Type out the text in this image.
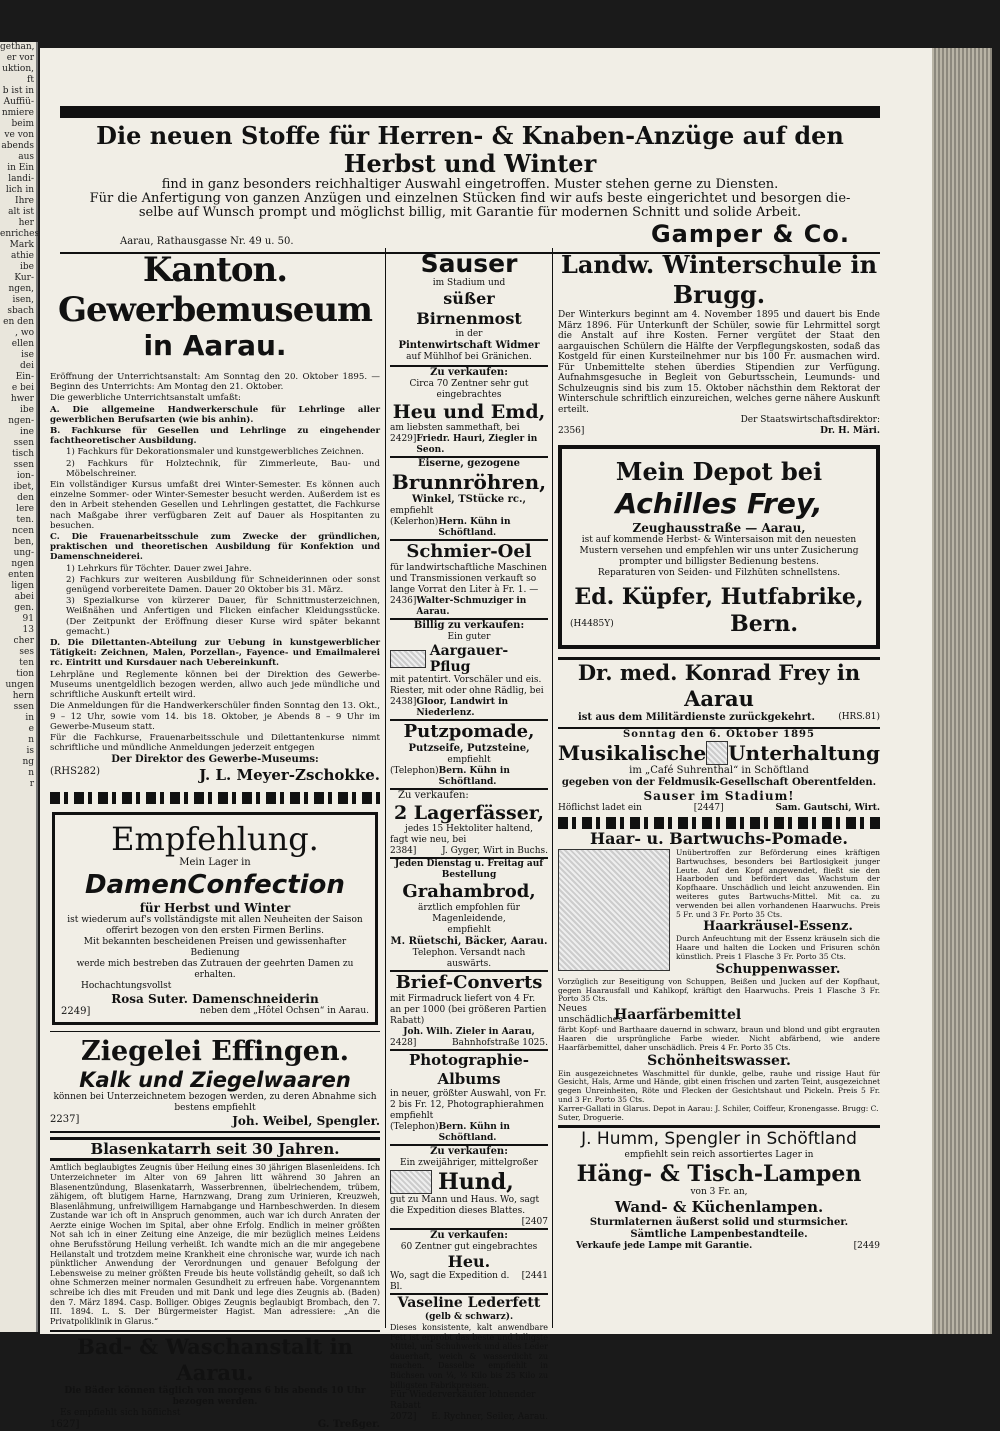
gethan,
er vor
uktion,
ft
b ist in
Auffiü-
nmiere
beim
ve von
abends
aus
in Ein
landi-
lich in
Ihre
alt ist
her
enriches
Mark
athie
ibe
Kur-
ngen,
isen,
sbach
en den
, wo
ellen
ise
dei
Ein-
e bei
hwer
ibe
ngen-
ine
ssen
tisch
ssen
ion-
ibet,
den
lere
ten.
ncen
ben,
ung-
ngen
enten
ligen
abei
gen.
91
13
cher
ses
ten
tion
ungen
hern
ssen
in
e
n
is
ng
n
r
Die neuen Stoffe für Herren- & Knaben-Anzüge auf den Herbst und Winter
find in ganz besonders reichhaltiger Auswahl eingetroffen. Muster stehen gerne zu Diensten.
Für die Anfertigung von ganzen Anzügen und einzelnen Stücken find wir aufs beste eingerichtet und besorgen die-
selbe auf Wunsch prompt und möglichst billig, mit Garantie für modernen Schnitt und solide Arbeit.
Aarau, Rathausgasse Nr. 49 u. 50.	Gamper & Co.
Kanton. Gewerbemuseum
in Aarau.
Eröffnung der Unterrichtsanstalt: Am Sonntag den 20. Oktober 1895. — Beginn des Unterrichts: Am Montag den 21. Oktober.
Die gewerbliche Unterrichtsanstalt umfaßt:
A. Die allgemeine Handwerkerschule für Lehrlinge aller gewerblichen Berufsarten (wie bis anhin).
B. Fachkurse für Gesellen und Lehrlinge zu eingehender fachtheoretischer Ausbildung.
1) Fachkurs für Dekorationsmaler und kunstgewerbliches Zeichnen.
2) Fachkurs für Holztechnik, für Zimmerleute, Bau- und Möbelschreiner.
Ein vollständiger Kursus umfaßt drei Winter-Semester. Es können auch einzelne Sommer- oder Winter-Semester besucht werden. Außerdem ist es den in Arbeit stehenden Gesellen und Lehrlingen gestattet, die Fachkurse nach Maßgabe ihrer verfügbaren Zeit auf Dauer als Hospitanten zu besuchen.
C. Die Frauenarbeitsschule zum Zwecke der gründlichen, praktischen und theoretischen Ausbildung für Konfektion und Damenschneiderei.
1) Lehrkurs für Töchter. Dauer zwei Jahre.
2) Fachkurs zur weiteren Ausbildung für Schneiderinnen oder sonst genügend vorbereitete Damen. Dauer 20 Oktober bis 31. März.
3) Spezialkurse von kürzerer Dauer, für Schnittmusterzeichnen, Weißnähen und Anfertigen und Flicken einfacher Kleidungsstücke. (Der Zeitpunkt der Eröffnung dieser Kurse wird später bekannt gemacht.)
D. Die Dilettanten-Abteilung zur Uebung in kunstgewerblicher Tätigkeit: Zeichnen, Malen, Porzellan-, Fayence- und Emailmalerei rc. Eintritt und Kursdauer nach Uebereinkunft.
Lehrpläne und Reglemente können bei der Direktion des Gewerbe-Museums unentgeldlich bezogen werden, allwo auch jede mündliche und schriftliche Auskunft erteilt wird.
Die Anmeldungen für die Handwerkerschüler finden Sonntag den 13. Okt., 9 – 12 Uhr, sowie vom 14. bis 18. Oktober, je Abends 8 – 9 Uhr im Gewerbe-Museum statt.
Für die Fachkurse, Frauenarbeitsschule und Dilettantenkurse nimmt schriftliche und mündliche Anmeldungen jederzeit entgegen
Der Direktor des Gewerbe-Museums:
(RHS282)	J. L. Meyer-Zschokke.
Empfehlung.
Mein Lager in
DamenConfection
für Herbst und Winter
ist wiederum auf's vollständigste mit allen Neuheiten der Saison
offerirt bezogen von den ersten Firmen Berlins.
Mit bekannten bescheidenen Preisen und gewissenhafter Bedienung
werde mich bestreben das Zutrauen der geehrten Damen zu erhalten.
Hochachtungsvollst
Rosa Suter. Damenschneiderin
2249]	neben dem „Hôtel Ochsen“ in Aarau.
Ziegelei Effingen.
Kalk und Ziegelwaaren
können bei Unterzeichnetem bezogen werden, zu deren Abnahme sich bestens empfiehlt
2237]	Joh. Weibel, Spengler.
Blasenkatarrh seit 30 Jahren.
Amtlich beglaubigtes Zeugnis über Heilung eines 30 jährigen Blasenleidens. Ich Unterzeichneter im Alter von 69 Jahren litt während 30 Jahren an Blasenentzündung, Blasenkatarrh, Wasserbrennen, übelriechendem, trübem, zähigem, oft blutigem Harne, Harnzwang, Drang zum Urinieren, Kreuzweh, Blasenlähmung, unfreiwilligem Harnabgange und Harnbeschwerden. In diesem Zustande war ich oft in Anspruch genommen, auch war ich durch Anraten der Aerzte einige Wochen im Spital, aber ohne Erfolg. Endlich in meiner größten Not sah ich in einer Zeitung eine Anzeige, die mir bezüglich meines Leidens ohne Berufsstörung Heilung verheißt. Ich wandte mich an die mir angegebene Heilanstalt und trotzdem meine Krankheit eine chronische war, wurde ich nach pünktlicher Anwendung der Verordnungen und genauer Befolgung der Lebensweise zu meiner größten Freude bis heute vollständig geheilt, so daß ich ohne Schmerzen meiner normalen Gesundheit zu erfreuen habe. Vorgenanntem schreibe ich dies mit Freuden und mit Dank und lege dies Zeugnis ab. (Baden) den 7. März 1894. Casp. Bolliger. Obiges Zeugnis beglaubigt Brombach, den 7. III. 1894. L. S. Der Bürgermeister Hagist. Man adressiere: „An die Privatpoliklinik in Glarus.“
Bad- & Waschanstalt in Aarau.
Die Bäder können täglich von morgens 6 bis abends 10 Uhr bezogen werden.
Es empfiehlt sich höflichst
1627]	G. Treßger.
Sauser
im Stadium und
süßer Birnenmost
in der
Pintenwirtschaft Widmer
auf Mühlhof bei Gränichen.
Zu verkaufen:
Circa 70 Zentner sehr gut eingebrachtes
Heu und Emd,
am liebsten sammethaft, bei
2429] Friedr. Hauri, Ziegler in Seon.
Eiserne, gezogene
Brunnröhren,
Winkel, TStücke rc.,
empfiehlt
(Kelerhon) Hern. Kühn in Schöftland.
Schmier-Oel
für landwirtschaftliche Maschinen und Transmissionen verkauft so lange Vorrat den Liter à Fr. 1. —
2436] Walter-Schmuziger in Aarau.
Billig zu verkaufen:
Ein guter
Aargauer-Pflug
mit patentirt. Vorschäler und eis. Riester, mit oder ohne Rädlig, bei
2438] Gloor, Landwirt in Niederlenz.
Putzpomade,
Putzseife, Putzsteine,
empfiehlt
(Telephon) Bern. Kühn in Schöftland.
Zu verkaufen:
2 Lagerfässer,
jedes 15 Hektoliter haltend,
fagt wie neu, bei
2384]	J. Gyger, Wirt in Buchs.
Jeden Dienstag u. Freitag auf Bestellung
Grahambrod,
ärztlich empfohlen für Magenleidende,
empfiehlt
M. Rüetschi, Bäcker, Aarau.
Telephon. Versandt nach auswärts.
Brief-Converts
mit Firmadruck liefert von 4 Fr. an per 1000 (bei größeren Partien Rabatt)
Joh. Wilh. Zieler in Aarau,
2428]	Bahnhofstraße 1025.
Photographie-Albums
in neuer, größter Auswahl, von Fr. 2 bis Fr. 12, Photographierahmen empfiehlt
(Telephon) Bern. Kühn in Schöftland.
Zu verkaufen:
Ein zweijähriger, mittelgroßer
Hund,
gut zu Mann und Haus. Wo, sagt die Expedition dieses Blattes.
[2407
Zu verkaufen:
60 Zentner gut eingebrachtes
Heu.
Wo, sagt die Expedition d. Bl.
[2441
Vaseline Lederfett
(gelb & schwarz).
Dieses konsistente, kalt anwendbare Fett ist erprobt das beste und billigste Mittel, um Schuhwerk und alles Leder dauerhaft, weich & wasserdicht zu machen. Dasselbe empfiehlt in Büchsen von ¼, ½ Kilo bis 25 Kilo zu billigsten Fabrikpreisen.
Für Wiederverkäufer lohnender Rabatt
2072] E. Rychner, Seiler, Aarau.
Landw. Winterschule in Brugg.
Der Winterkurs beginnt am 4. November 1895 und dauert bis Ende März 1896. Für Unterkunft der Schüler, sowie für Lehrmittel sorgt die Anstalt auf ihre Kosten. Ferner vergütet der Staat den aargauischen Schülern die Hälfte der Verpflegungskosten, sodaß das Kostgeld für einen Kursteilnehmer nur bis 100 Fr. ausmachen wird. Für Unbemittelte stehen überdies Stipendien zur Verfügung. Aufnahmsgesuche in Begleit von Geburtsschein, Leumunds- und Schulzeugnis sind bis zum 15. Oktober nächsthin dem Rektorat der Winterschule schriftlich einzureichen, welches gerne nähere Auskunft erteilt.
Der Staatswirtschaftsdirektor:
2356]	Dr. H. Märi.
Mein Depot bei
Achilles Frey,
Zeughausstraße — Aarau,
ist auf kommende Herbst- & Wintersaison mit den neuesten Mustern versehen und empfehlen wir uns unter Zusicherung prompter und billigster Bedienung bestens.
Reparaturen von Seiden- und Filzhüten schnellstens.
Ed. Küpfer, Hutfabrike,
(H4485Y)	Bern.
Dr. med. Konrad Frey in Aarau
ist aus dem Militärdienste zurückgekehrt.	(HRS.81)
Sonntag den 6. Oktober 1895
Musikalische Unterhaltung
im „Café Suhrenthal“ in Schöftland
gegeben von der Feldmusik-Gesellschaft Oberentfelden.
Sauser im Stadium!
Höflichst ladet ein	[2447]	Sam. Gautschi, Wirt.
Haar- u. Bartwuchs-Pomade.
Unübertroffen zur Beförderung eines kräftigen Bartwuchses, besonders bei Bartlosigkeit junger Leute. Auf den Kopf angewendet, fließt sie den Haarboden und befördert das Wachstum der Kopfhaare. Unschädlich und leicht anzuwenden. Ein weiteres gutes Bartwuchs-Mittel. Mit ca. zu verwenden bei allen vorhandenen Haarwuchs. Preis 5 Fr. und 3 Fr. Porto 35 Cts.
Haarkräusel-Essenz.
Durch Anfeuchtung mit der Essenz kräuseln sich die Haare und halten die Locken und Frisuren schön künstlich. Preis 1 Flasche 3 Fr. Porto 35 Cts.
Schuppenwasser.
Vorzüglich zur Beseitigung von Schuppen, Beißen und Jucken auf der Kopfhaut, gegen Haarausfall und Kahlkopf, kräftigt den Haarwuchs. Preis 1 Flasche 3 Fr. Porto 35 Cts.
Neues unschädliches
Haarfärbemittel
färbt Kopf- und Barthaare dauernd in schwarz, braun und blond und gibt ergrauten Haaren die ursprüngliche Farbe wieder. Nicht abfärbend, wie andere Haarfärbemittel, daher unschädlich. Preis 4 Fr. Porto 35 Cts.
Schönheitswasser.
Ein ausgezeichnetes Waschmittel für dunkle, gelbe, rauhe und rissige Haut für Gesicht, Hals, Arme und Hände, gibt einen frischen und zarten Teint, ausgezeichnet gegen Unreinheiten, Röte und Flecken der Gesichtshaut und Pickeln. Preis 5 Fr. und 3 Fr. Porto 35 Cts.
Karrer-Gallati in Glarus. Depot in Aarau: J. Schiler, Coiffeur, Kronengasse. Brugg: C. Suter, Droguerie.
J. Humm, Spengler in Schöftland
empfiehlt sein reich assortiertes Lager in
Häng- & Tisch-Lampen
von 3 Fr. an,
Wand- & Küchenlampen.
Sturmlaternen äußerst solid und sturmsicher.
Sämtliche Lampenbestandteile.
Verkaufe jede Lampe mit Garantie.	[2449
